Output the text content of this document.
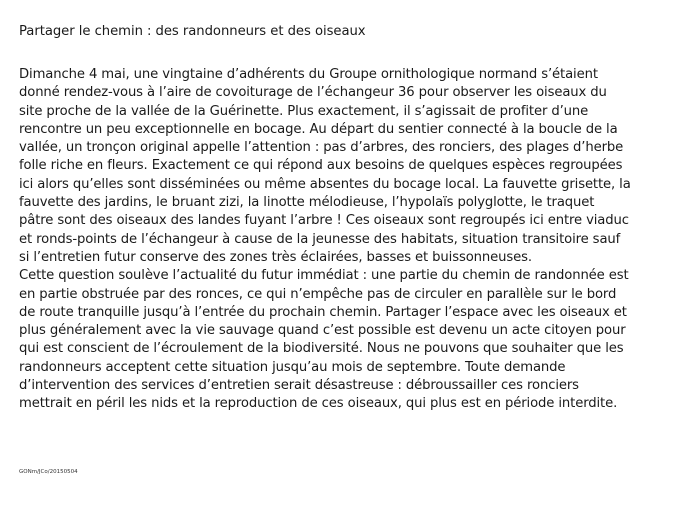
Partager le chemin : des randonneurs et des oiseaux
Dimanche 4 mai, une vingtaine d’adhérents du Groupe ornithologique normand s’étaient
donné rendez-vous à l’aire de covoiturage de l’échangeur 36 pour observer les oiseaux du
site proche de la vallée de la Guérinette. Plus exactement, il s’agissait de profiter d’une
rencontre un peu exceptionnelle en bocage. Au départ du sentier connecté à la boucle de la
vallée, un tronçon original appelle l’attention : pas d’arbres, des ronciers, des plages d’herbe
folle riche en fleurs. Exactement ce qui répond aux besoins de quelques espèces regroupées
ici alors qu’elles sont disséminées ou même absentes du bocage local. La fauvette grisette, la
fauvette des jardins, le bruant zizi, la linotte mélodieuse, l’hypolaïs polyglotte, le traquet
pâtre sont des oiseaux des landes fuyant l’arbre ! Ces oiseaux sont regroupés ici entre viaduc
et ronds-points de l’échangeur à cause de la jeunesse des habitats, situation transitoire sauf
si l’entretien futur conserve des zones très éclairées, basses et buissonneuses.
Cette question soulève l’actualité du futur immédiat : une partie du chemin de randonnée est
en partie obstruée par des ronces, ce qui n’empêche pas de circuler en parallèle sur le bord
de route tranquille jusqu’à l’entrée du prochain chemin. Partager l’espace avec les oiseaux et
plus généralement avec la vie sauvage quand c’est possible est devenu un acte citoyen pour
qui est conscient de l’écroulement de la biodiversité. Nous ne pouvons que souhaiter que les
randonneurs acceptent cette situation jusqu’au mois de septembre. Toute demande
d’intervention des services d’entretien serait désastreuse : débroussailler ces ronciers
mettrait en péril les nids et la reproduction de ces oiseaux, qui plus est en période interdite.
GONm/JCo/20150504
